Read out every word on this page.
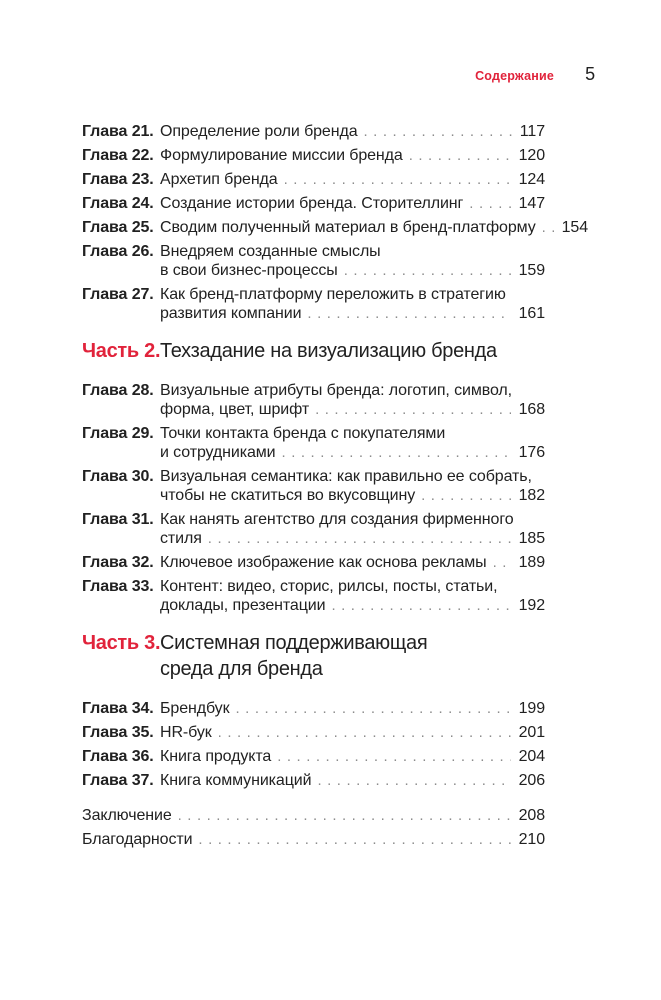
Содержание 5
Глава 21. Определение роли бренда .....	117
Глава 22. Формулирование миссии бренда .....	120
Глава 23. Архетип бренда .....	124
Глава 24. Создание истории бренда. Сторителлинг .....	147
Глава 25. Сводим полученный материал в бренд-платформу ..... 154
Глава 26. Внедряем созданные смыслы
в свои бизнес-процессы .....	159
Глава 27. Как бренд-платформу переложить в стратегию
развития компании .....	161
Часть 2. Техзадание на визуализацию бренда
Глава 28. Визуальные атрибуты бренда: логотип, символ,
форма, цвет, шрифт .....	168
Глава 29. Точки контакта бренда с покупателями
и сотрудниками .....	176
Глава 30. Визуальная семантика: как правильно ее собрать,
чтобы не скатиться во вкусовщину .....	182
Глава 31. Как нанять агентство для создания фирменного
стиля .....	185
Глава 32. Ключевое изображение как основа рекламы ..... 189
Глава 33. Контент: видео, сторис, рилсы, посты, статьи,
доклады, презентации .....	192
Часть 3. Системная поддерживающая
среда для бренда
Глава 34. Брендбук .....	199
Глава 35. HR-бук .....	201
Глава 36. Книга продукта .....	204
Глава 37. Книга коммуникаций .....	206
Заключение .....	208
Благодарности .....	210
